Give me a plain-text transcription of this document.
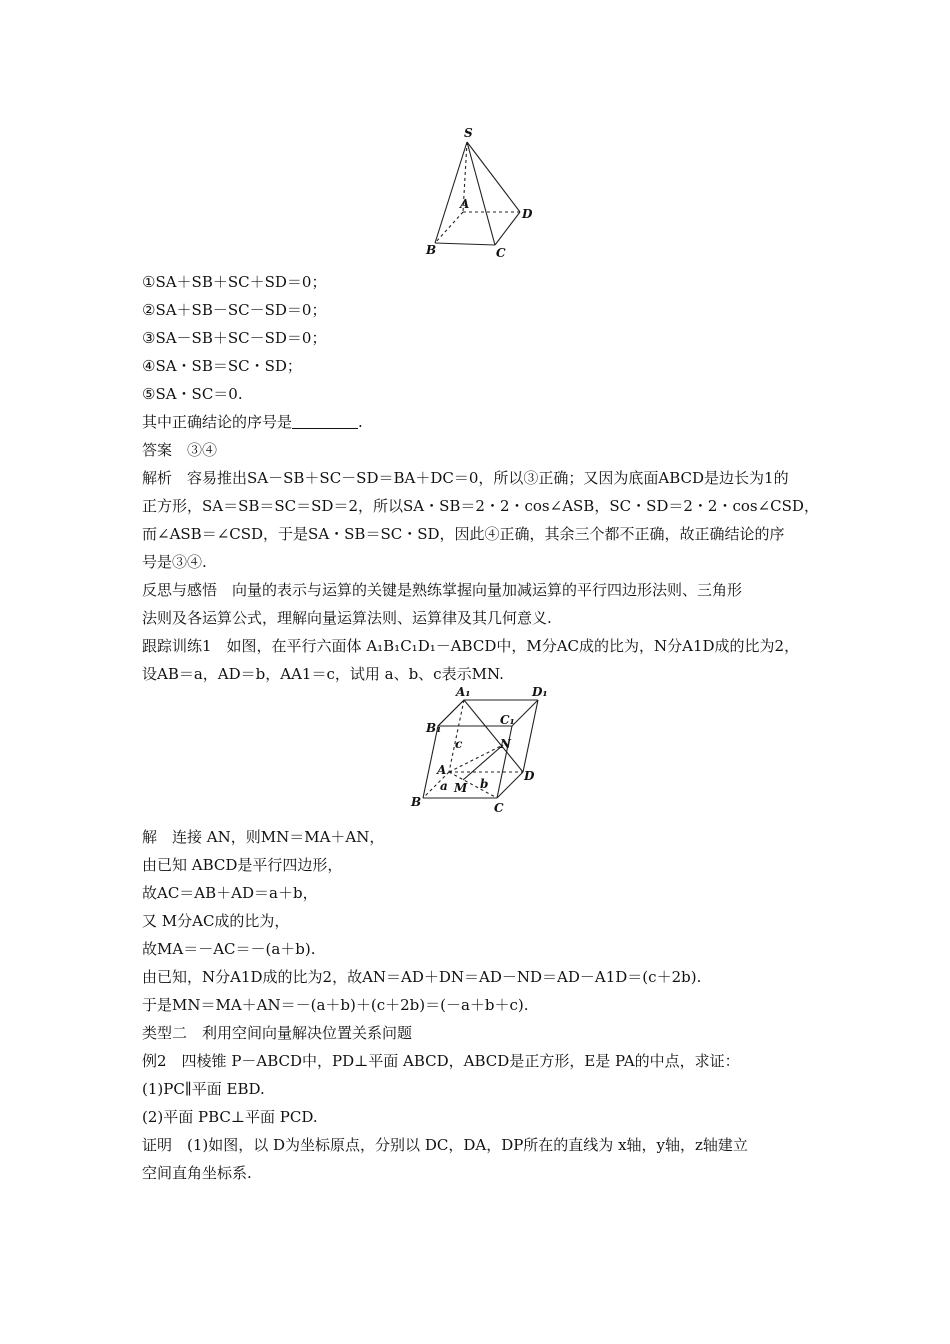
S
A
B	C
D
①SA＋SB＋SC＋SD＝0；
②SA＋SB－SC－SD＝0；
③SA－SB＋SC－SD＝0；
④SA・SB＝SC・SD；
⑤SA・SC＝0.
其中正确结论的序号是	.
答案  ③④
解析  容易推出SA－SB＋SC－SD＝BA＋DC＝0，所以③正确；又因为底面ABCD是边长为1的
正方形，SA＝SB＝SC＝SD＝2，所以SA・SB＝2・2・cos∠ASB，SC・SD＝2・2・cos∠CSD，
而∠ASB＝∠CSD，于是SA・SB＝SC・SD，因此④正确，其余三个都不正确，故正确结论的序
号是③④.
反思与感悟  向量的表示与运算的关键是熟练掌握向量加减运算的平行四边形法则、三角形
法则及各运算公式，理解向量运算法则、运算律及其几何意义.
跟踪训练1  如图，在平行六面体 A₁B₁C₁D₁－ABCD中，M分AC成的比为，N分A1D成的比为2，
设AB＝a，AD＝b，AA1＝c，试用 a、b、c表示MN.
A₁	D₁
B₁
C₁
c	N
A	D
a M b
B	C
解  连接 AN，则MN＝MA＋AN，
由已知 ABCD是平行四边形，
故AC＝AB＋AD＝a＋b，
又 M分AC成的比为，
故MA＝－AC＝－(a＋b).
由已知，N分A1D成的比为2，故AN＝AD＋DN＝AD－ND＝AD－A1D＝(c＋2b).
于是MN＝MA＋AN＝－(a＋b)＋(c＋2b)＝(－a＋b＋c).
类型二  利用空间向量解决位置关系问题
例2  四棱锥 P－ABCD中，PD⊥平面 ABCD，ABCD是正方形，E是 PA的中点，求证：
(1)PC∥平面 EBD.
(2)平面 PBC⊥平面 PCD.
证明  (1)如图，以 D为坐标原点，分别以 DC，DA，DP所在的直线为 x轴，y轴，z轴建立
空间直角坐标系.
